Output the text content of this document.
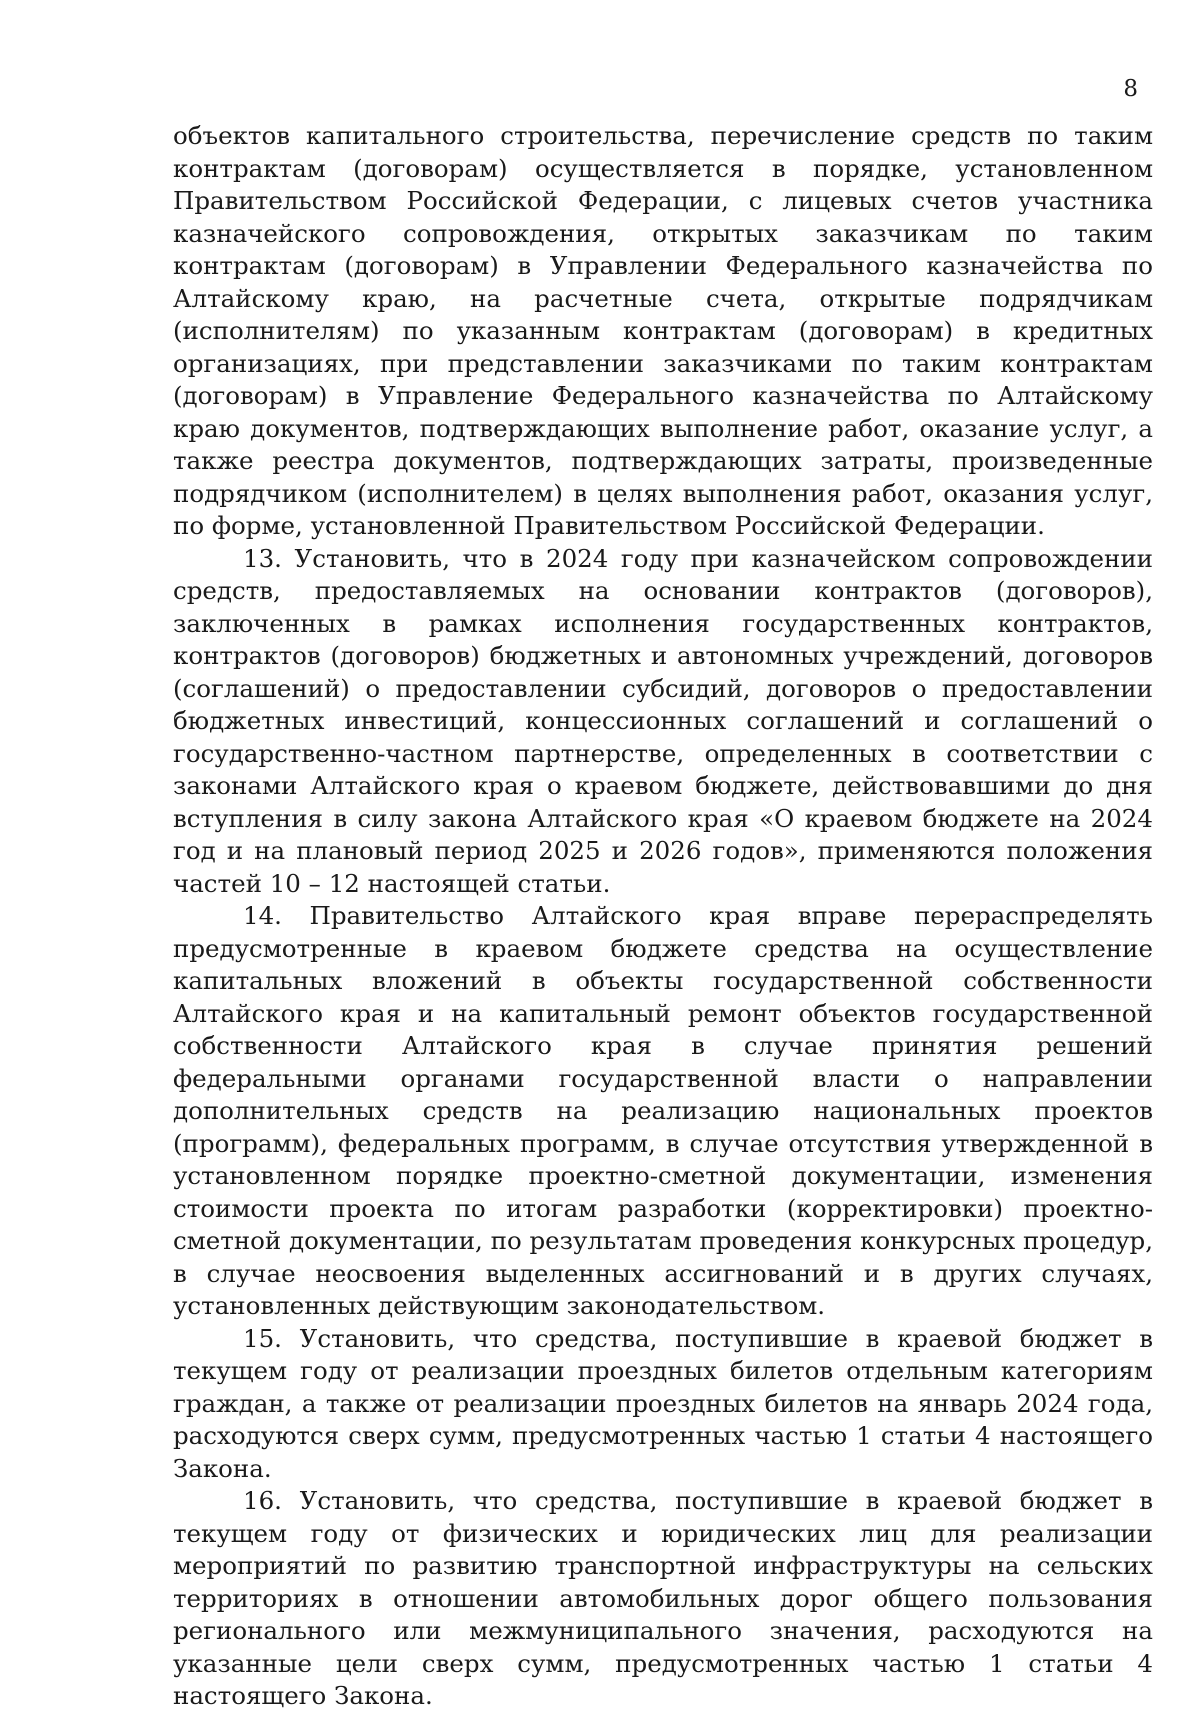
8

объектов капитального строительства, перечисление средств по таким контрактам (договорам) осуществляется в порядке, установленном Правительством Российской Федерации, с лицевых счетов участника казначейского сопровождения, открытых заказчикам по таким контрактам (договорам) в Управлении Федерального казначейства по Алтайскому краю, на расчетные счета, открытые подрядчикам (исполнителям) по указанным контрактам (договорам) в кредитных организациях, при представлении заказчиками по таким контрактам (договорам) в Управление Федерального казначейства по Алтайскому краю документов, подтверждающих выполнение работ, оказание услуг, а также реестра документов, подтверждающих затраты, произведенные подрядчиком (исполнителем) в целях выполнения работ, оказания услуг, по форме, установленной Правительством Российской Федерации.

13. Установить, что в 2024 году при казначейском сопровождении средств, предоставляемых на основании контрактов (договоров), заключенных в рамках исполнения государственных контрактов, контрактов (договоров) бюджетных и автономных учреждений, договоров (соглашений) о предоставлении субсидий, договоров о предоставлении бюджетных инвестиций, концессионных соглашений и соглашений о государственно-частном партнерстве, определенных в соответствии с законами Алтайского края о краевом бюджете, действовавшими до дня вступления в силу закона Алтайского края «О краевом бюджете на 2024 год и на плановый период 2025 и 2026 годов», применяются положения частей 10 – 12 настоящей статьи.

14. Правительство Алтайского края вправе перераспределять предусмотренные в краевом бюджете средства на осуществление капитальных вложений в объекты государственной собственности Алтайского края и на капитальный ремонт объектов государственной собственности Алтайского края в случае принятия решений федеральными органами государственной власти о направлении дополнительных средств на реализацию национальных проектов (программ), федеральных программ, в случае отсутствия утвержденной в установленном порядке проектно-сметной документации, изменения стоимости проекта по итогам разработки (корректировки) проектно-сметной документации, по результатам проведения конкурсных процедур, в случае неосвоения выделенных ассигнований и в других случаях, установленных действующим законодательством.

15. Установить, что средства, поступившие в краевой бюджет в текущем году от реализации проездных билетов отдельным категориям граждан, а также от реализации проездных билетов на январь 2024 года, расходуются сверх сумм, предусмотренных частью 1 статьи 4 настоящего Закона.

16. Установить, что средства, поступившие в краевой бюджет в текущем году от физических и юридических лиц для реализации мероприятий по развитию транспортной инфраструктуры на сельских территориях в отношении автомобильных дорог общего пользования регионального или межмуниципального значения, расходуются на указанные цели сверх сумм, предусмотренных частью 1 статьи 4 настоящего Закона.
